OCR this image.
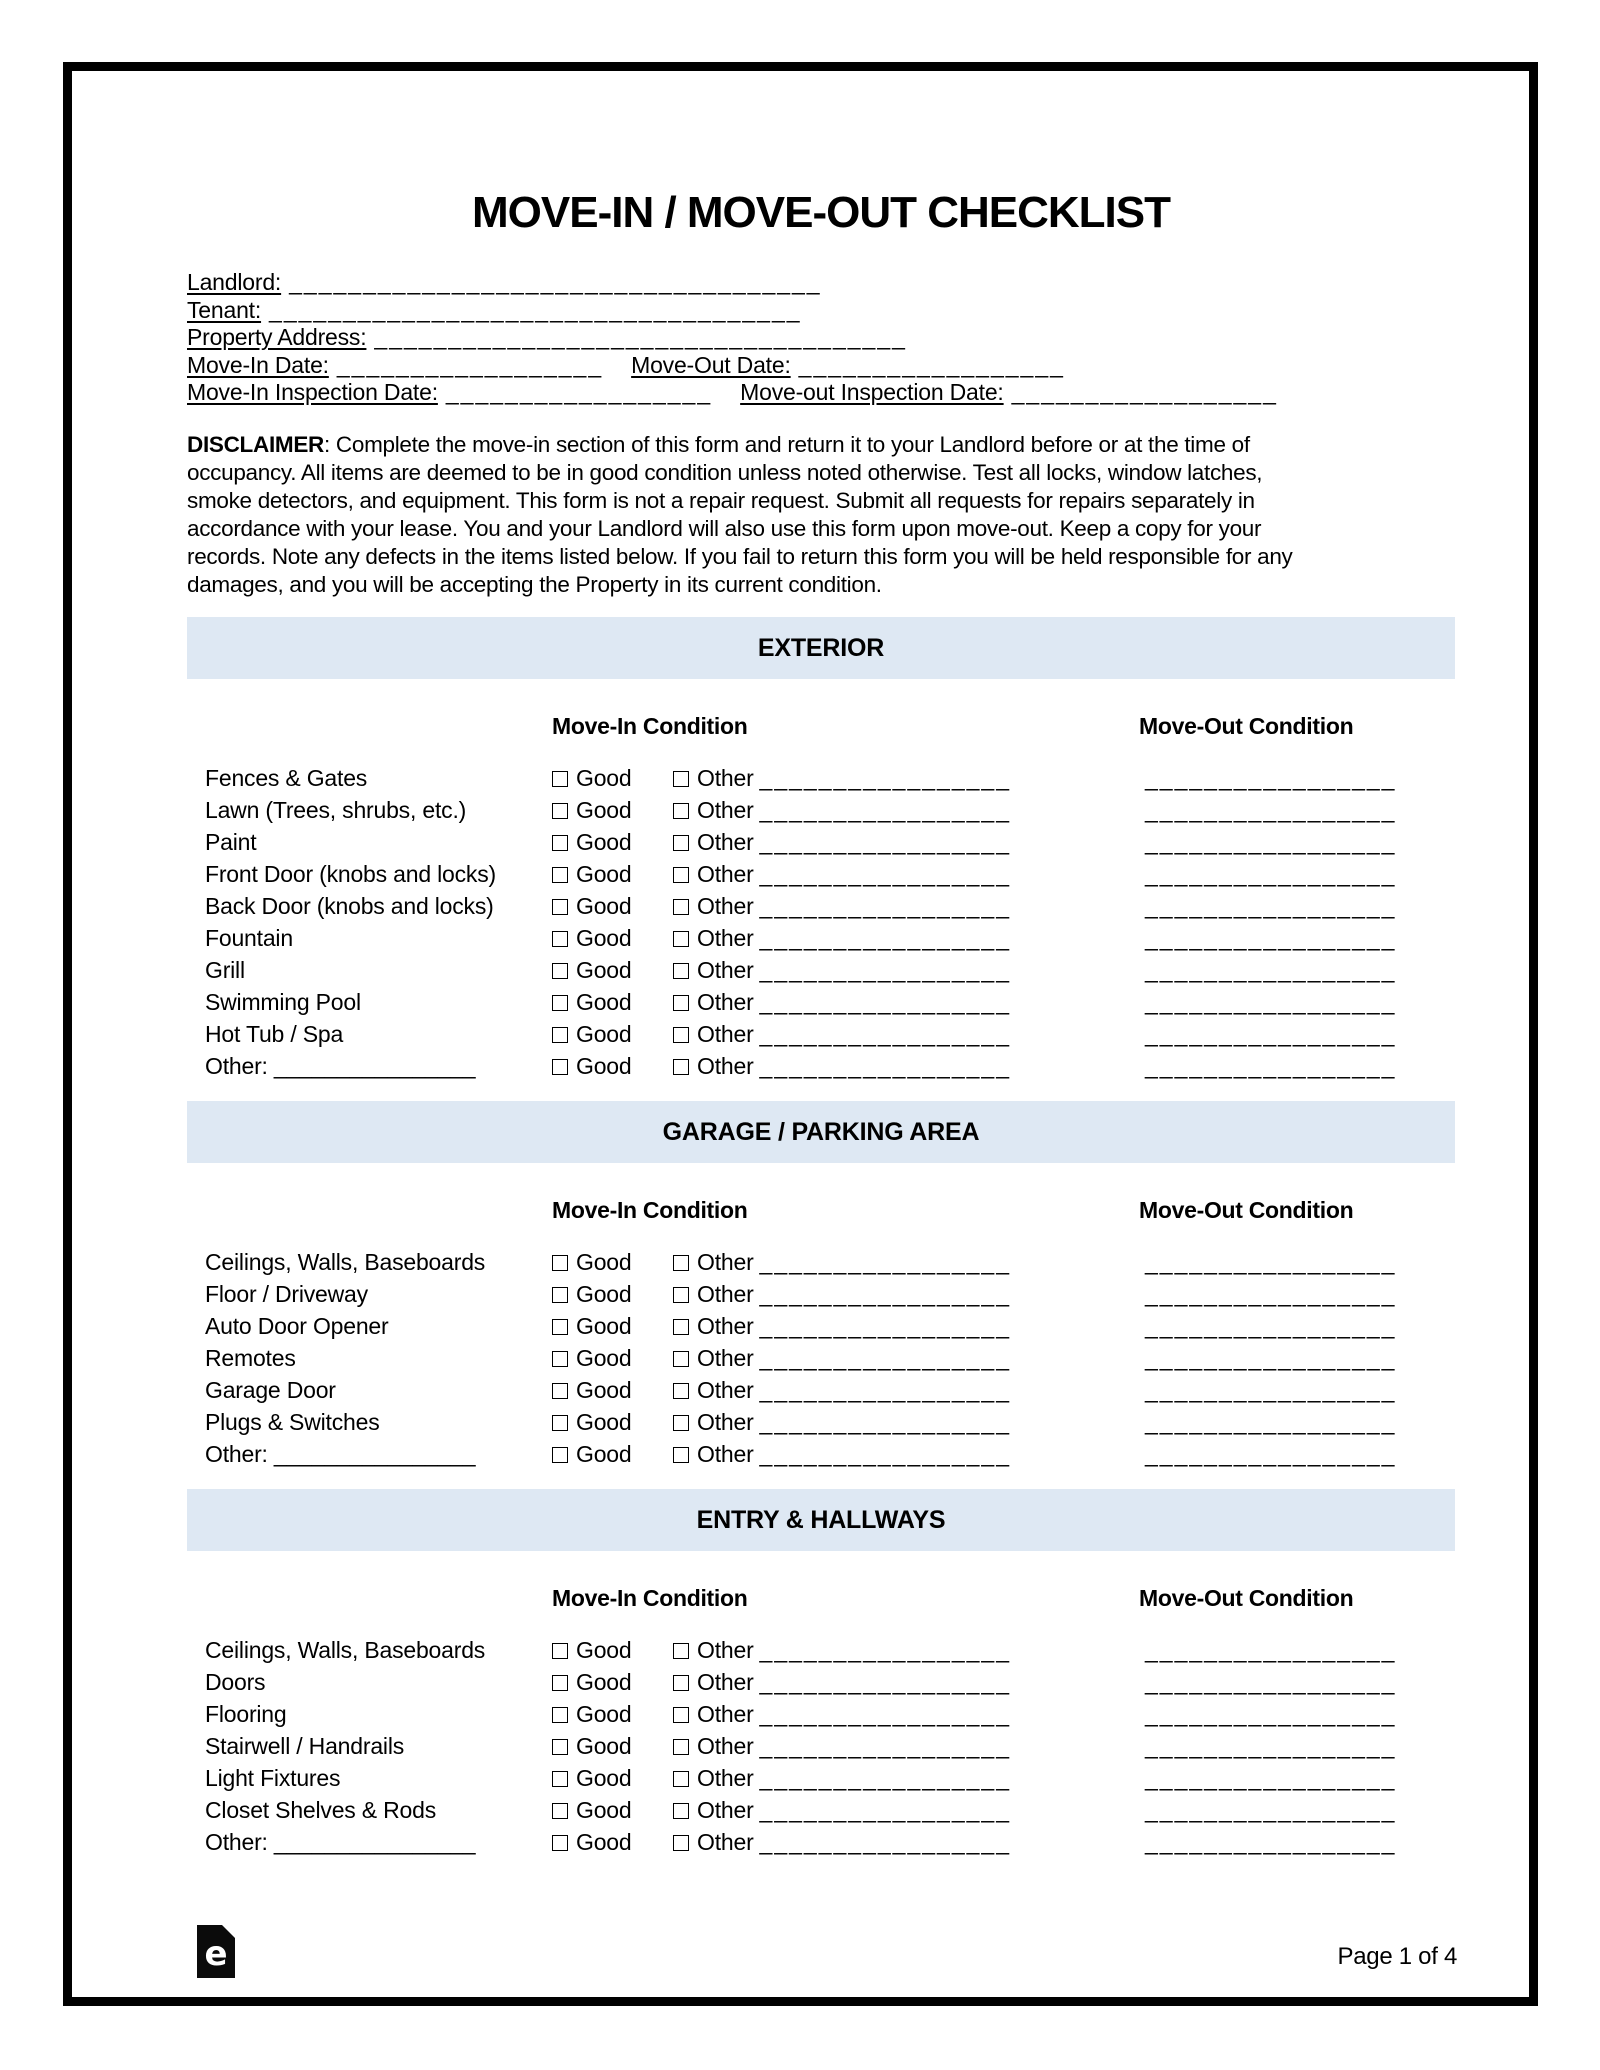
MOVE-IN / MOVE-OUT CHECKLIST
Landlord: ____________________________________
Tenant: ____________________________________
Property Address: ____________________________________
Move-In Date: __________________ Move-Out Date: __________________
Move-In Inspection Date: __________________ Move-out Inspection Date: __________________
DISCLAIMER: Complete the move-in section of this form and return it to your Landlord before or at the time of
occupancy. All items are deemed to be in good condition unless noted otherwise. Test all locks, window latches,
smoke detectors, and equipment. This form is not a repair request. Submit all requests for repairs separately in
accordance with your lease. You and your Landlord will also use this form upon move-out. Keep a copy for your
records. Note any defects in the items listed below. If you fail to return this form you will be held responsible for any
damages, and you will be accepting the Property in its current condition.
EXTERIOR
Move-In Condition	Move-Out Condition
Fences & Gates	Good	Other _________________	_________________
Lawn (Trees, shrubs, etc.)	Good	Other _________________	_________________
Paint	Good	Other _________________	_________________
Front Door (knobs and locks)	Good	Other _________________	_________________
Back Door (knobs and locks)	Good	Other _________________	_________________
Fountain	Good	Other _________________	_________________
Grill	Good	Other _________________	_________________
Swimming Pool	Good	Other _________________	_________________
Hot Tub / Spa	Good	Other _________________	_________________
Other: ________________	Good	Other _________________	_________________
GARAGE / PARKING AREA
Move-In Condition	Move-Out Condition
Ceilings, Walls, Baseboards	Good	Other _________________	_________________
Floor / Driveway	Good	Other _________________	_________________
Auto Door Opener	Good	Other _________________	_________________
Remotes	Good	Other _________________	_________________
Garage Door	Good	Other _________________	_________________
Plugs & Switches	Good	Other _________________	_________________
Other: ________________	Good	Other _________________	_________________
ENTRY & HALLWAYS
Move-In Condition	Move-Out Condition
Ceilings, Walls, Baseboards	Good	Other _________________	_________________
Doors	Good	Other _________________	_________________
Flooring	Good	Other _________________	_________________
Stairwell / Handrails	Good	Other _________________	_________________
Light Fixtures	Good	Other _________________	_________________
Closet Shelves & Rods	Good	Other _________________	_________________
Other: ________________	Good	Other _________________	_________________
e	Page 1 of 4
